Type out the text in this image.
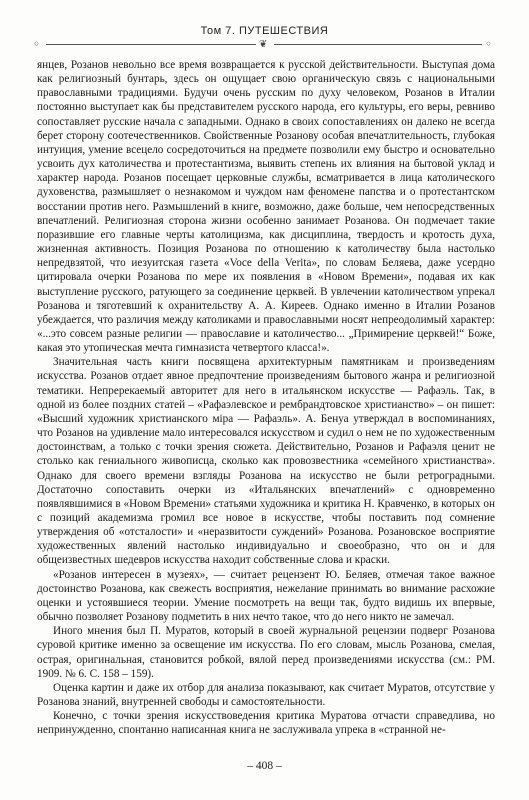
Том 7. ПУТЕШЕСТВИЯ
◦	❦	◦

янцев, Розанов невольно все время возвращается к русской действительности. Выступая дома как религиозный бунтарь, здесь он ощущает свою органическую связь с национальными православными традициями. Будучи очень русским по духу человеком, Розанов в Италии постоянно выступает как бы представителем русского народа, его культуры, его веры, ревниво сопоставляет русские начала с западными. Однако в своих сопоставлениях он далеко не всегда берет сторону соотечественников. Свойственные Розанову особая впечатлительность, глубокая интуиция, умение всецело сосредоточиться на предмете позволили ему быстро и основательно усвоить дух католичества и протестантизма, выявить степень их влияния на бытовой уклад и характер народа. Розанов посещает церковные службы, всматривается в лица католического духовенства, размышляет о незнакомом и чуждом нам феномене папства и о протестантском восстании против него. Размышлений в книге, возможно, даже больше, чем непосредственных впечатлений. Религиозная сторона жизни особенно занимает Розанова. Он подмечает такие поразившие его главные черты католицизма, как дисциплина, твердость и кротость духа, жизненная активность. Позиция Розанова по отношению к католичеству была настолько непредвзятой, что иезуитская газета «Voce della Verita», по словам Беляева, даже усердно цитировала очерки Розанова по мере их появления в «Новом Времени», подавая их как выступление русского, ратующего за соединение церквей. В увлечении католичеством упрекал Розанова и тяготевший к охранительству А. А. Киреев. Однако именно в Италии Розанов убеждается, что различия между католиками и православными носят непреодолимый характер: «...это совсем разные религии — православие и католичество... „Примирение церквей!“ Боже, какая это утопическая мечта гимназиста четвертого класса!».

Значительная часть книги посвящена архитектурным памятникам и произведениям искусства. Розанов отдает явное предпочтение произведениям бытового жанра и религиозной тематики. Непререкаемый авторитет для него в итальянском искусстве — Рафаэль. Так, в одной из более поздних статей – «Рафаэлевское и рембрандтовское христианство» – он пишет: «Высший художник христианского міра — Рафаэль». А. Бенуа утверждал в воспоминаниях, что Розанов на удивление мало интересовался искусством и судил о нем не по художественным достоинствам, а только с точки зрения сюжета. Действительно, Розанов и Рафаэля ценит не столько как гениального живописца, сколько как провозвестника «семейного христианства». Однако для своего времени взгляды Розанова на искусство не были ретроградными. Достаточно сопоставить очерки из «Итальянских впечатлений» с одновременно появлявшимися в «Новом Времени» статьями художника и критика Н. Кравченко, в которых он с позиций академизма громил все новое в искусстве, чтобы поставить под сомнение утверждения об «отсталости» и «неразвитости суждений» Розанова. Розановское восприятие художественных явлений настолько индивидуально и своеобразно, что он и для общеизвестных шедевров искусства находит собственные слова и краски.

«Розанов интересен в музеях», — считает рецензент Ю. Беляев, отмечая такое важное достоинство Розанова, как свежесть восприятия, нежелание принимать во внимание расхожие оценки и устоявшиеся теории. Умение посмотреть на вещи так, будто видишь их впервые, обычно позволяет Розанову подметить в них нечто такое, что до него никто не замечал.

Иного мнения был П. Муратов, который в своей журнальной рецензии подверг Розанова суровой критике именно за освещение им искусства. По его словам, мысль Розанова, смелая, острая, оригинальная, становится робкой, вялой перед произведениями искусства (см.: РМ. 1909. № 6. С. 158 – 159).

Оценка картин и даже их отбор для анализа показывают, как считает Муратов, отсутствие у Розанова знаний, внутренней свободы и самостоятельности.

Конечно, с точки зрения искусствоведения критика Муратова отчасти справедлива, но непринужденно, спонтанно написанная книга не заслуживала упрека в «странной не-

– 408 –
